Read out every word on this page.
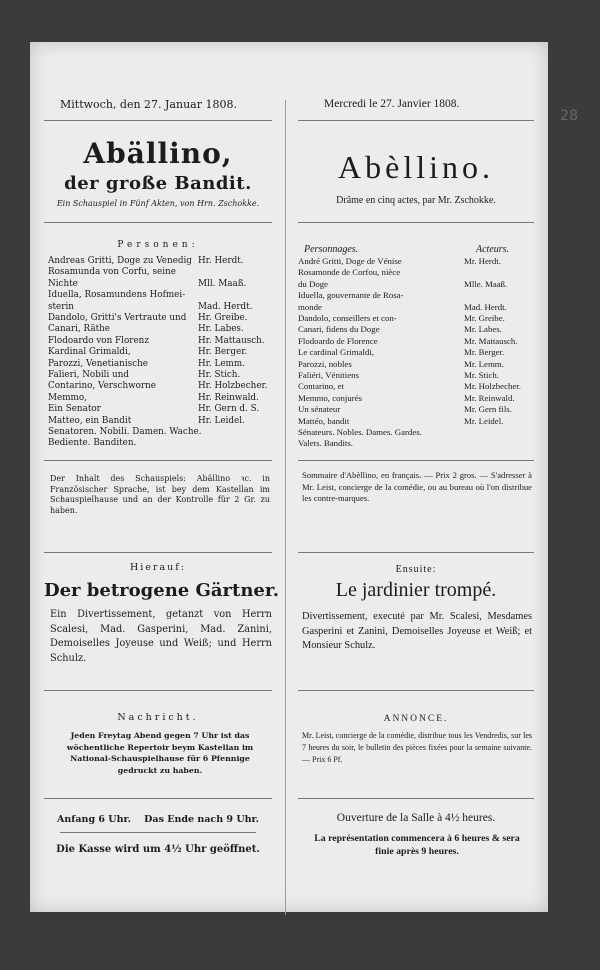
28
Mittwoch, den 27. Januar 1808.	Mercredi le 27. Janvier 1808.
Abällino,
der große Bandit.
Ein Schauspiel in Fünf Akten, von Hrn. Zschokke.
Abèllino.
Drâme en cinq actes, par Mr. Zschokke.
Personen:	Personnages.	Acteurs.
Andreas Gritti, Doge zu Venedig Hr. Herdt.
Rosamunda von Corfu, seine
Nichte	Mll. Maaß.
Iduella, Rosamundens Hofmei-
sterin	Mad. Herdt.
Dandolo, Gritti's Vertraute und Hr. Greibe.
Canari, Räthe	Hr. Labes.
Flodoardo von Florenz	Hr. Mattausch.
Kardinal Grimaldi,	Hr. Berger.
Parozzi, Venetianische	Hr. Lemm.
Falieri, Nobili und	Hr. Stich.
Contarino, Verschworne	Hr. Holzbecher.
Memmo,	Hr. Reinwald.
Ein Senator	Hr. Gern d. S.
Matteo, ein Bandit	Hr. Leidel.
Senatoren. Nobili. Damen. Wache.
Bediente. Banditen.
André Gritti, Doge de Vénise	Mr. Herdt.
Rosamonde de Corfou, nièce
du Doge	Mlle. Maaß.
Iduella, gouvernante de Rosa-
monde	Mad. Herdt.
Dandolo, conseillers et con-	Mr. Greibe.
Canari, fidens du Doge	Mr. Labes.
Flodoardo de Florence	Mr. Mattausch.
Le cardinal Grimaldi,	Mr. Berger.
Parozzi, nobles	Mr. Lemm.
Faliéri, Vénitiens	Mr. Stich.
Contarino, et	Mr. Holzbecher.
Memmo, conjurés	Mr. Reinwald.
Un sénateur	Mr. Gern fils.
Mattéo, bandit	Mr. Leidel.
Sénateurs. Nobles. Dames. Gardes.
Valets. Bandits.
Der Inhalt des Schauspiels: Abällino ꝛc. in Französischer Sprache, ist bey dem Kastellan im Schauspielhause und an der Kontrolle für 2 Gr. zu haben.
Sommaire d'Abèllino, en français. — Prix 2 gros. — S'adresser à Mr. Leist, concierge de la comédie, ou au bureau où l'on distribue les contre-marques.
Hierauf:
Der betrogene Gärtner.
Ein Divertissement, getanzt von Herrn Scalesi, Mad. Gasperini, Mad. Zanini, Demoiselles Joyeuse und Weiß; und Herrn Schulz.
Ensuite:
Le jardinier trompé.
Divertissement, executé par Mr. Scalesi, Mesdames Gasperini et Zanini, Demoiselles Joyeuse et Weiß; et Monsieur Schulz.
Nachricht.
Jeden Freytag Abend gegen 7 Uhr ist das wöchentliche Repertoir beym Kastellan im National-Schauspielhause für 6 Pfennige gedruckt zu haben.
ANNONCE.
Mr. Leist, concierge de la comédie, distribue tous les Vendredis, sur les 7 heures du soir, le bulletin des pièces fixées pour la semaine suivante. — Prix 6 Pf.
Anfang 6 Uhr.    Das Ende nach 9 Uhr.
Die Kasse wird um 4½ Uhr geöffnet.
Ouverture de la Salle à 4½ heures.
La représentation commencera à 6 heures & sera finie après 9 heures.
